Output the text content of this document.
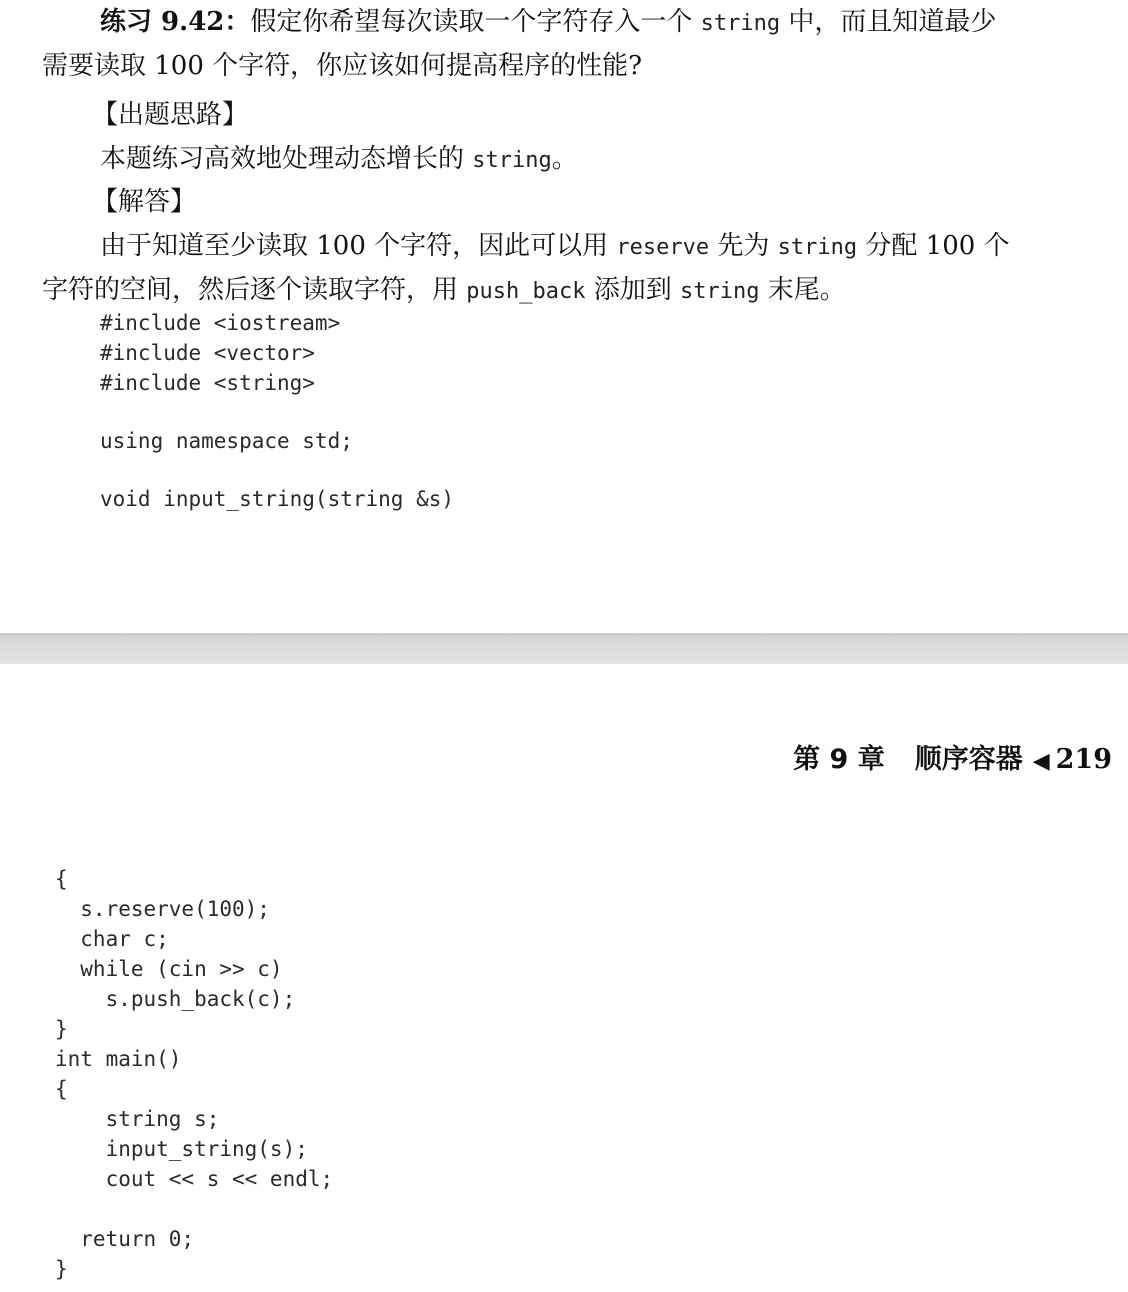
练习 9.42：假定你希望每次读取一个字符存入一个 string 中，而且知道最少
需要读取 100 个字符，你应该如何提高程序的性能?
【出题思路】
本题练习高效地处理动态增长的 string。
【解答】
由于知道至少读取 100 个字符，因此可以用 reserve 先为 string 分配 100 个
字符的空间，然后逐个读取字符，用 push_back 添加到 string 末尾。
#include <iostream>
#include <vector>
#include <string>
using namespace std;
void input_string(string &s)
第 9 章 顺序容器 ◀ 219
{
s.reserve(100);
char c;
while (cin >> c)
s.push_back(c);
}
int main()
{
string s;
input_string(s);
cout << s << endl;
return 0;
}
